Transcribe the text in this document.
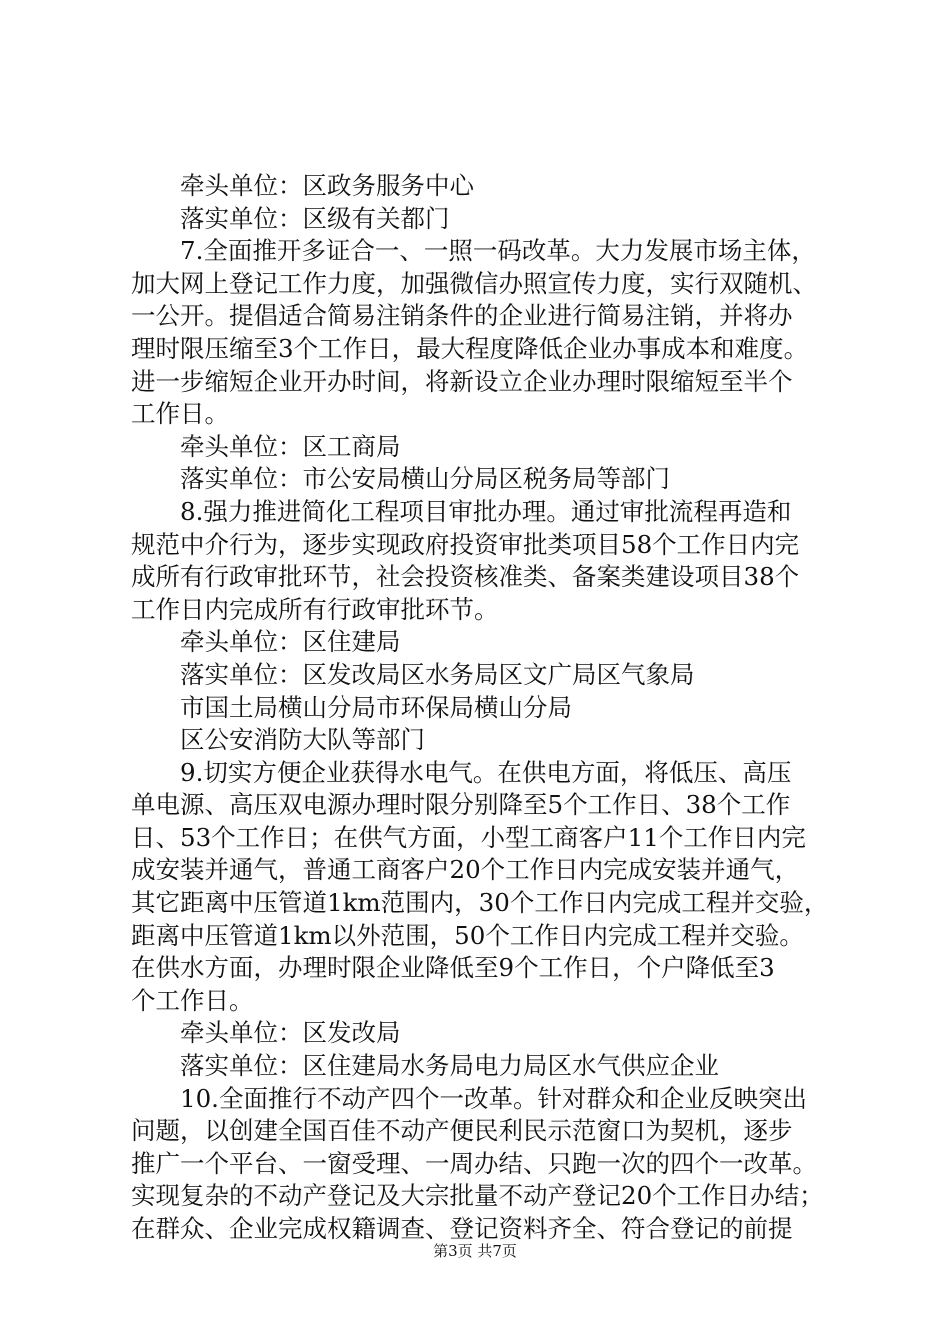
牵头单位：区政务服务中心
落实单位：区级有关都门
7.全面推开多证合一、一照一码改革。大力发展市场主体，
加大网上登记工作力度，加强微信办照宣传力度，实行双随机、
一公开。提倡适合简易注销条件的企业进行简易注销，并将办
理时限压缩至3个工作日，最大程度降低企业办事成本和难度。
进一步缩短企业开办时间，将新设立企业办理时限缩短至半个
工作日。
牵头单位：区工商局
落实单位：市公安局横山分局区税务局等部门
8.强力推进简化工程项目审批办理。通过审批流程再造和
规范中介行为，逐步实现政府投资审批类项目58个工作日内完
成所有行政审批环节，社会投资核准类、备案类建设项目38个
工作日内完成所有行政审批环节。
牵头单位：区住建局
落实单位：区发改局区水务局区文广局区气象局
市国土局横山分局市环保局横山分局
区公安消防大队等部门
9.切实方便企业获得水电气。在供电方面，将低压、高压
单电源、高压双电源办理时限分别降至5个工作日、38个工作
日、53个工作日；在供气方面，小型工商客户11个工作日内完
成安装并通气，普通工商客户20个工作日内完成安装并通气，
其它距离中压管道1km范围内，30个工作日内完成工程并交验，
距离中压管道1km以外范围，50个工作日内完成工程并交验。
在供水方面，办理时限企业降低至9个工作日，个户降低至3
个工作日。
牵头单位：区发改局
落实单位：区住建局水务局电力局区水气供应企业
10.全面推行不动产四个一改革。针对群众和企业反映突出
问题，以创建全国百佳不动产便民利民示范窗口为契机，逐步
推广一个平台、一窗受理、一周办结、只跑一次的四个一改革。
实现复杂的不动产登记及大宗批量不动产登记20个工作日办结；
在群众、企业完成权籍调查、登记资料齐全、符合登记的前提
第3页 共7页
